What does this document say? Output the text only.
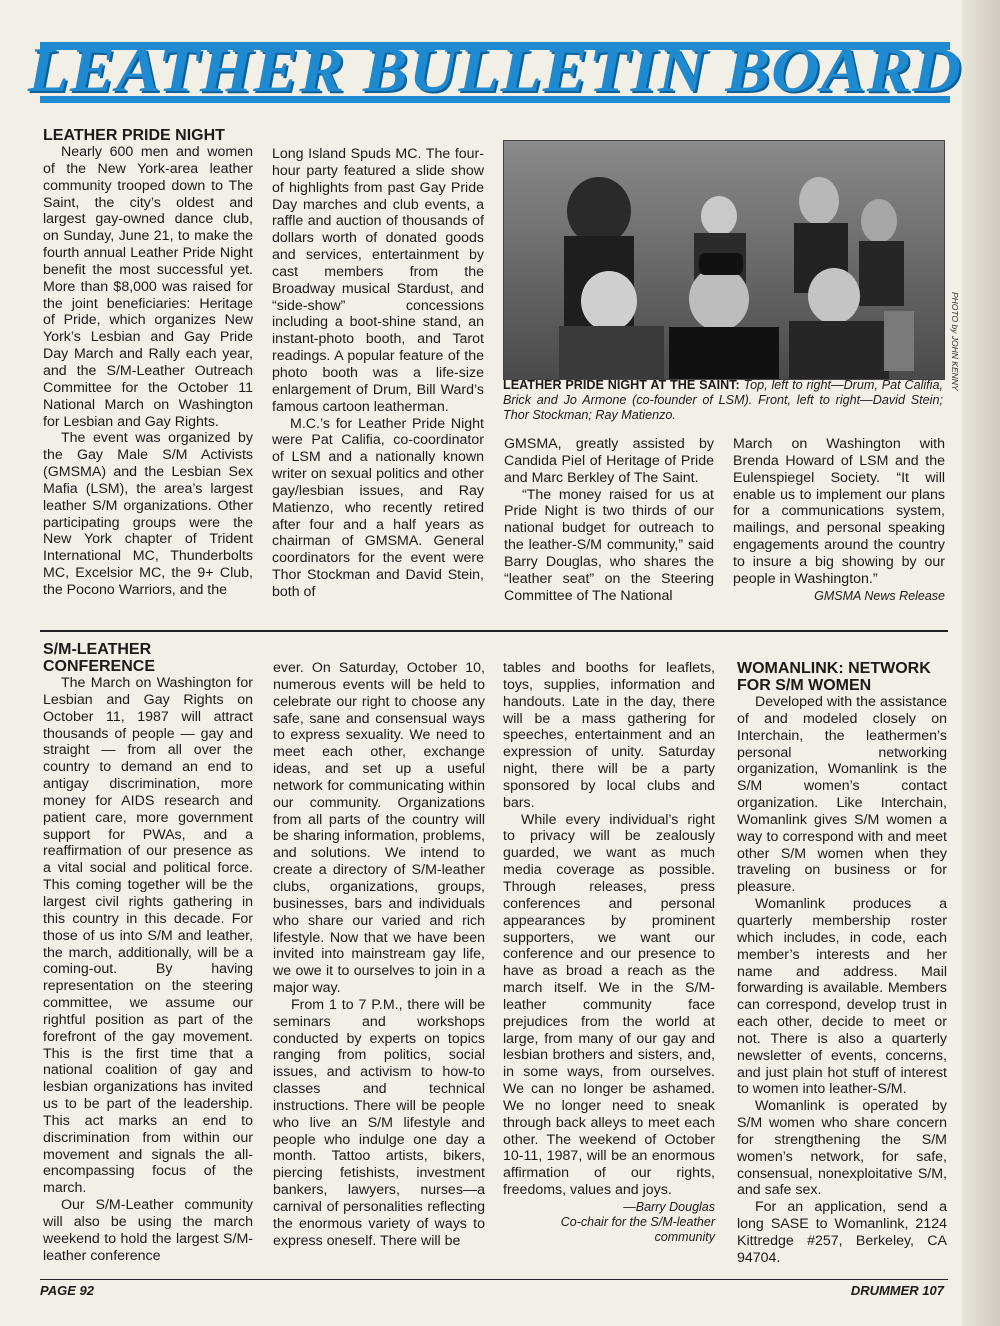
LEATHER BULLETIN BOARD

LEATHER PRIDE NIGHT

Nearly 600 men and women of the New York-area leather community trooped down to The Saint, the city’s oldest and largest gay-owned dance club, on Sunday, June 21, to make the fourth annual Leather Pride Night benefit the most successful yet. More than $8,000 was raised for the joint beneficiaries: Heritage of Pride, which organizes New York’s Lesbian and Gay Pride Day March and Rally each year, and the S/M-Leather Outreach Committee for the October 11 National March on Washington for Lesbian and Gay Rights.

The event was organized by the Gay Male S/M Activists (GMSMA) and the Lesbian Sex Mafia (LSM), the area’s largest leather S/M organizations. Other participating groups were the New York chapter of Trident International MC, Thunderbolts MC, Excelsior MC, the 9+ Club, the Pocono Warriors, and the

Long Island Spuds MC. The four-hour party featured a slide show of highlights from past Gay Pride Day marches and club events, a raffle and auction of thousands of dollars worth of donated goods and services, entertainment by cast members from the Broadway musical Stardust, and “side-show” concessions including a boot-shine stand, an instant-photo booth, and Tarot readings. A popular feature of the photo booth was a life-size enlargement of Drum, Bill Ward’s famous cartoon leatherman.

M.C.’s for Leather Pride Night were Pat Califia, co-coordinator of LSM and a nationally known writer on sexual politics and other gay/lesbian issues, and Ray Matienzo, who recently retired after four and a half years as chairman of GMSMA. General coordinators for the event were Thor Stockman and David Stein, both of

PHOTO by JOHN KENNY
LEATHER PRIDE NIGHT AT THE SAINT: Top, left to right—Drum, Pat Califia, Brick and Jo Armone (co-founder of LSM). Front, left to right—David Stein; Thor Stockman; Ray Matienzo.

GMSMA, greatly assisted by Candida Piel of Heritage of Pride and Marc Berkley of The Saint.

“The money raised for us at Pride Night is two thirds of our national budget for outreach to the leather-S/M community,” said Barry Douglas, who shares the “leather seat” on the Steering Committee of The National

March on Washington with Brenda Howard of LSM and the Eulenspiegel Society. “It will enable us to implement our plans for a communications system, mailings, and personal speaking engagements around the country to insure a big showing by our people in Washington.”

GMSMA News Release

S/M-LEATHER CONFERENCE

The March on Washington for Lesbian and Gay Rights on October 11, 1987 will attract thousands of people — gay and straight — from all over the country to demand an end to antigay discrimination, more money for AIDS research and patient care, more government support for PWAs, and a reaffirmation of our presence as a vital social and political force. This coming together will be the largest civil rights gathering in this country in this decade. For those of us into S/M and leather, the march, additionally, will be a coming-out. By having representation on the steering committee, we assume our rightful position as part of the forefront of the gay movement. This is the first time that a national coalition of gay and lesbian organizations has invited us to be part of the leadership. This act marks an end to discrimination from within our movement and signals the all-encompassing focus of the march.

Our S/M-Leather community will also be using the march weekend to hold the largest S/M-leather conference

ever. On Saturday, October 10, numerous events will be held to celebrate our right to choose any safe, sane and consensual ways to express sexuality. We need to meet each other, exchange ideas, and set up a useful network for communicating within our community. Organizations from all parts of the country will be sharing information, problems, and solutions. We intend to create a directory of S/M-leather clubs, organizations, groups, businesses, bars and individuals who share our varied and rich lifestyle. Now that we have been invited into mainstream gay life, we owe it to ourselves to join in a major way.

From 1 to 7 P.M., there will be seminars and workshops conducted by experts on topics ranging from politics, social issues, and activism to how-to classes and technical instructions. There will be people who live an S/M lifestyle and people who indulge one day a month. Tattoo artists, bikers, piercing fetishists, investment bankers, lawyers, nurses—a carnival of personalities reflecting the enormous variety of ways to express oneself. There will be

tables and booths for leaflets, toys, supplies, information and handouts. Late in the day, there will be a mass gathering for speeches, entertainment and an expression of unity. Saturday night, there will be a party sponsored by local clubs and bars.

While every individual’s right to privacy will be zealously guarded, we want as much media coverage as possible. Through releases, press conferences and personal appearances by prominent supporters, we want our conference and our presence to have as broad a reach as the march itself. We in the S/M-leather community face prejudices from the world at large, from many of our gay and lesbian brothers and sisters, and, in some ways, from ourselves. We can no longer be ashamed. We no longer need to sneak through back alleys to meet each other. The weekend of October 10-11, 1987, will be an enormous affirmation of our rights, freedoms, values and joys.

—Barry Douglas

Co-chair for the S/M-leather community

WOMANLINK: NETWORK FOR S/M WOMEN

Developed with the assistance of and modeled closely on Interchain, the leathermen’s personal networking organization, Womanlink is the S/M women’s contact organization. Like Interchain, Womanlink gives S/M women a way to correspond with and meet other S/M women when they traveling on business or for pleasure.

Womanlink produces a quarterly membership roster which includes, in code, each member’s interests and her name and address. Mail forwarding is available. Members can correspond, develop trust in each other, decide to meet or not. There is also a quarterly newsletter of events, concerns, and just plain hot stuff of interest to women into leather-S/M.

Womanlink is operated by S/M women who share concern for strengthening the S/M women’s network, for safe, consensual, nonexploitative S/M, and safe sex.

For an application, send a long SASE to Womanlink, 2124 Kittredge #257, Berkeley, CA 94704.

PAGE 92	DRUMMER 107
